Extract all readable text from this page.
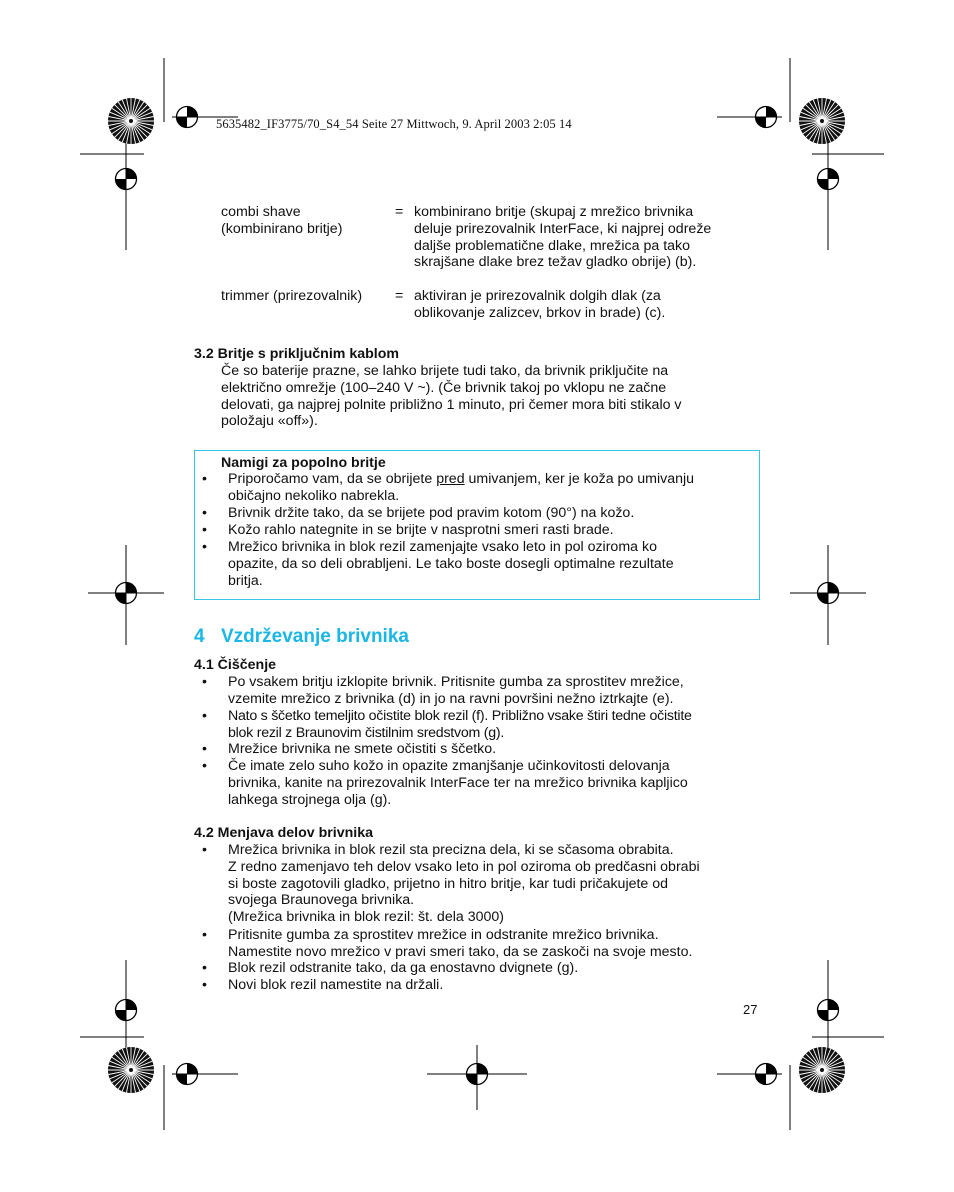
5635482_IF3775/70_S4_54 Seite 27 Mittwoch, 9. April 2003 2:05 14
combi shave
(kombinirano britje)
= kombinirano britje (skupaj z mrežico brivnika
deluje prirezovalnik InterFace, ki najprej odreže
daljše problematične dlake, mrežica pa tako
skrajšane dlake brez težav gladko obrije) (b).
trimmer (prirezovalnik)	= aktiviran je prirezovalnik dolgih dlak (za
oblikovanje zalizcev, brkov in brade) (c).
3.2 Britje s priključnim kablom
Če so baterije prazne, se lahko brijete tudi tako, da brivnik priključite na
električno omrežje (100–240 V ~). (Če brivnik takoj po vklopu ne začne
delovati, ga najprej polnite približno 1 minuto, pri čemer mora biti stikalo v
položaju «off»).
Namigi za popolno britje
• Priporočamo vam, da se obrijete pred umivanjem, ker je koža po umivanju
običajno nekoliko nabrekla.
• Brivnik držite tako, da se brijete pod pravim kotom (90°) na kožo.
• Kožo rahlo nategnite in se brijte v nasprotni smeri rasti brade.
• Mrežico brivnika in blok rezil zamenjajte vsako leto in pol oziroma ko
opazite, da so deli obrabljeni. Le tako boste dosegli optimalne rezultate
britja.
4 Vzdrževanje brivnika
4.1 Čiščenje
• Po vsakem britju izklopite brivnik. Pritisnite gumba za sprostitev mrežice,
vzemite mrežico z brivnika (d) in jo na ravni površini nežno iztrkajte (e).
• Nato s ščetko temeljito očistite blok rezil (f). Približno vsake štiri tedne očistite
blok rezil z Braunovim čistilnim sredstvom (g).
• Mrežice brivnika ne smete očistiti s ščetko.
• Če imate zelo suho kožo in opazite zmanjšanje učinkovitosti delovanja
brivnika, kanite na prirezovalnik InterFace ter na mrežico brivnika kapljico
lahkega strojnega olja (g).
4.2 Menjava delov brivnika
• Mrežica brivnika in blok rezil sta precizna dela, ki se sčasoma obrabita.
Z redno zamenjavo teh delov vsako leto in pol oziroma ob predčasni obrabi
si boste zagotovili gladko, prijetno in hitro britje, kar tudi pričakujete od
svojega Braunovega brivnika.
(Mrežica brivnika in blok rezil: št. dela 3000)
• Pritisnite gumba za sprostitev mrežice in odstranite mrežico brivnika.
Namestite novo mrežico v pravi smeri tako, da se zaskoči na svoje mesto.
• Blok rezil odstranite tako, da ga enostavno dvignete (g).
• Novi blok rezil namestite na držali.
27
